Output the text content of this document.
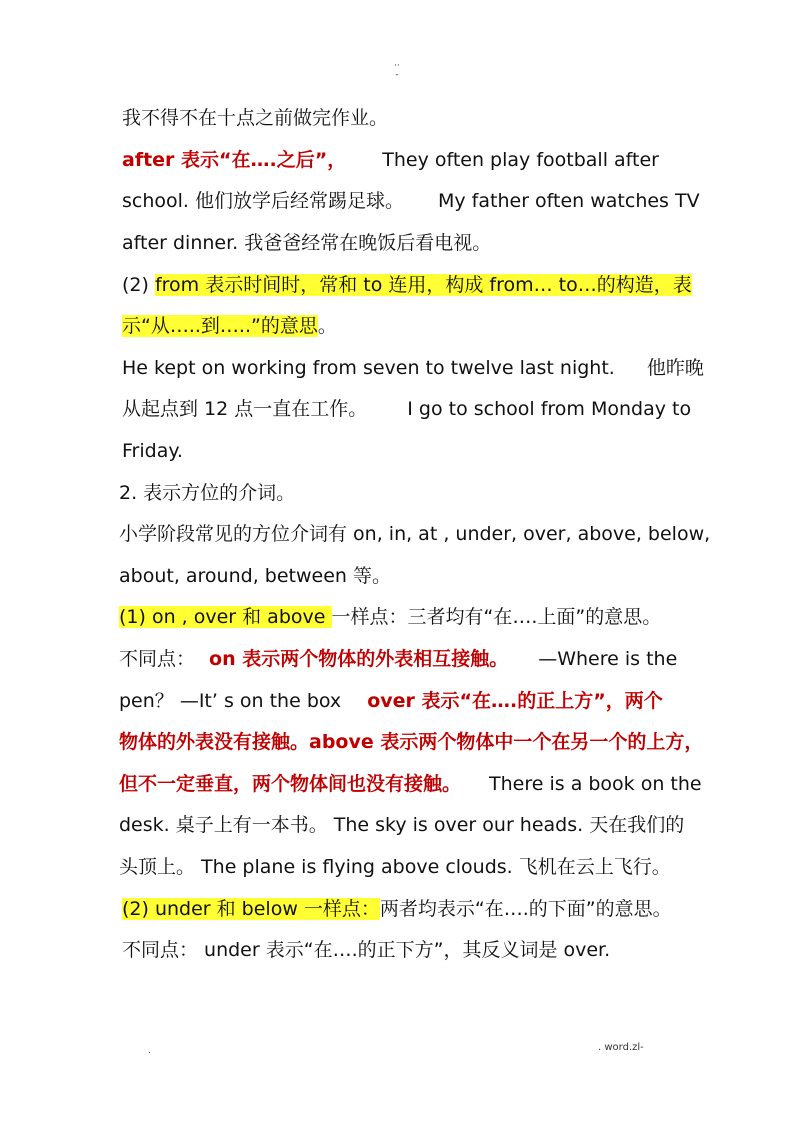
··
-
我不得不在十点之前做完作业。
after 表示“在….之后”， They often play football after
school. 他们放学后经常踢足球。 My father often watches TV
after dinner. 我爸爸经常在晚饭后看电视。
(2) from 表示时间时，常和 to 连用，构成 from… to…的构造，表
示“从…..到…..”的意思。
He kept on working from seven to twelve last night. 他昨晚
从起点到 12 点一直在工作。 I go to school from Monday to
Friday.
2. 表示方位的介词。
小学阶段常见的方位介词有 on, in, at , under, over, above, below,
about, around, between 等。
(1) on , over 和 above 一样点：三者均有“在….上面”的意思。
不同点： on 表示两个物体的外表相互接触。 —Where is the
pen？ —It’ s on the box over 表示“在….的正上方”，两个
物体的外表没有接触。above 表示两个物体中一个在另一个的上方，
但不一定垂直，两个物体间也没有接触。 There is a book on the
desk. 桌子上有一本书。 The sky is over our heads. 天在我们的
头顶上。 The plane is flying above clouds. 飞机在云上飞行。
(2) under 和 below 一样点：两者均表示“在….的下面”的意思。
不同点： under 表示“在….的正下方”，其反义词是 over.
.	. word.zl-
